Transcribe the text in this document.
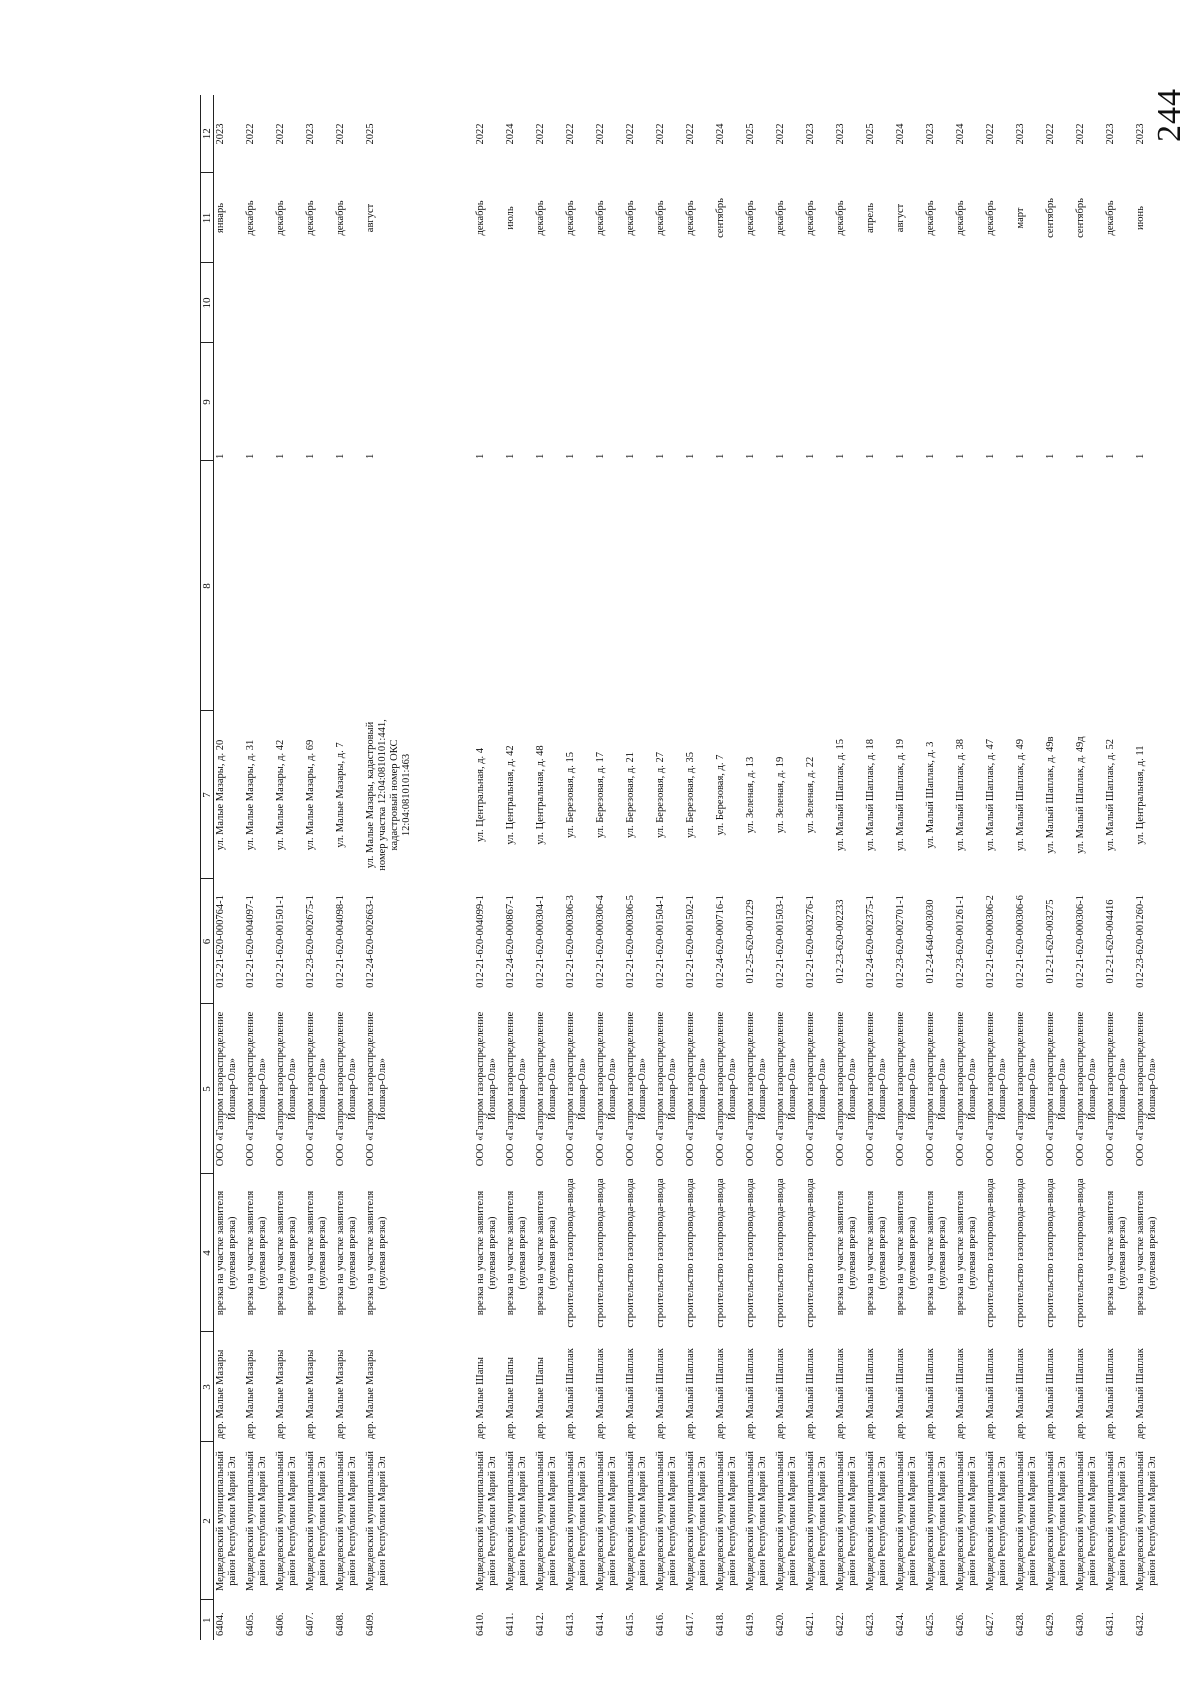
244
1	2	3	4	5	6	7	8	9	10	11	12
6404.	Медведевский муниципальный район Республики Марий Эл	дер. Малые Мазары	врезка на участке заявителя (нулевая врезка)	ООО «Газпром газораспределение Йошкар-Ола»	012-21-620-000764-1	ул. Малые Мазары, д. 20		1		январь	2023
6405.	Медведевский муниципальный район Республики Марий Эл	дер. Малые Мазары	врезка на участке заявителя (нулевая врезка)	ООО «Газпром газораспределение Йошкар-Ола»	012-21-620-004097-1	ул. Малые Мазары, д. 31		1		декабрь	2022
6406.	Медведевский муниципальный район Республики Марий Эл	дер. Малые Мазары	врезка на участке заявителя (нулевая врезка)	ООО «Газпром газораспределение Йошкар-Ола»	012-21-620-001501-1	ул. Малые Мазары, д. 42		1		декабрь	2022
6407.	Медведевский муниципальный район Республики Марий Эл	дер. Малые Мазары	врезка на участке заявителя (нулевая врезка)	ООО «Газпром газораспределение Йошкар-Ола»	012-23-620-002675-1	ул. Малые Мазары, д. 69		1		декабрь	2023
6408.	Медведевский муниципальный район Республики Марий Эл	дер. Малые Мазары	врезка на участке заявителя (нулевая врезка)	ООО «Газпром газораспределение Йошкар-Ола»	012-21-620-004098-1	ул. Малые Мазары, д. 7		1		декабрь	2022
6409.	Медведевский муниципальный район Республики Марий Эл	дер. Малые Мазары	врезка на участке заявителя (нулевая врезка)	ООО «Газпром газораспределение Йошкар-Ола»	012-24-620-002663-1	ул. Малые Мазары, кадастровый номер участка 12:04:0810101:441, кадастровый номер ОКС 12:04:0810101:463		1		август	2025
6410.	Медведевский муниципальный район Республики Марий Эл	дер. Малые Шапы	врезка на участке заявителя (нулевая врезка)	ООО «Газпром газораспределение Йошкар-Ола»	012-21-620-004099-1	ул. Центральная, д. 4		1		декабрь	2022
6411.	Медведевский муниципальный район Республики Марий Эл	дер. Малые Шапы	врезка на участке заявителя (нулевая врезка)	ООО «Газпром газораспределение Йошкар-Ола»	012-24-620-000867-1	ул. Центральная, д. 42		1		июль	2024
6412.	Медведевский муниципальный район Республики Марий Эл	дер. Малые Шапы	врезка на участке заявителя (нулевая врезка)	ООО «Газпром газораспределение Йошкар-Ола»	012-21-620-000304-1	ул. Центральная, д. 48		1		декабрь	2022
6413.	Медведевский муниципальный район Республики Марий Эл	дер. Малый Шаплак	строительство газопровода-ввода	ООО «Газпром газораспределение Йошкар-Ола»	012-21-620-000306-3	ул. Березовая, д. 15		1		декабрь	2022
6414.	Медведевский муниципальный район Республики Марий Эл	дер. Малый Шаплак	строительство газопровода-ввода	ООО «Газпром газораспределение Йошкар-Ола»	012-21-620-000306-4	ул. Березовая, д. 17		1		декабрь	2022
6415.	Медведевский муниципальный район Республики Марий Эл	дер. Малый Шаплак	строительство газопровода-ввода	ООО «Газпром газораспределение Йошкар-Ола»	012-21-620-000306-5	ул. Березовая, д. 21		1		декабрь	2022
6416.	Медведевский муниципальный район Республики Марий Эл	дер. Малый Шаплак	строительство газопровода-ввода	ООО «Газпром газораспределение Йошкар-Ола»	012-21-620-001504-1	ул. Березовая, д. 27		1		декабрь	2022
6417.	Медведевский муниципальный район Республики Марий Эл	дер. Малый Шаплак	строительство газопровода-ввода	ООО «Газпром газораспределение Йошкар-Ола»	012-21-620-001502-1	ул. Березовая, д. 35		1		декабрь	2022
6418.	Медведевский муниципальный район Республики Марий Эл	дер. Малый Шаплак	строительство газопровода-ввода	ООО «Газпром газораспределение Йошкар-Ола»	012-24-620-000716-1	ул. Березовая, д. 7		1		сентябрь	2024
6419.	Медведевский муниципальный район Республики Марий Эл	дер. Малый Шаплак	строительство газопровода-ввода	ООО «Газпром газораспределение Йошкар-Ола»	012-25-620-001229	ул. Зеленая, д. 13		1		декабрь	2025
6420.	Медведевский муниципальный район Республики Марий Эл	дер. Малый Шаплак	строительство газопровода-ввода	ООО «Газпром газораспределение Йошкар-Ола»	012-21-620-001503-1	ул. Зеленая, д. 19		1		декабрь	2022
6421.	Медведевский муниципальный район Республики Марий Эл	дер. Малый Шаплак	строительство газопровода-ввода	ООО «Газпром газораспределение Йошкар-Ола»	012-21-620-003276-1	ул. Зеленая, д. 22		1		декабрь	2023
6422.	Медведевский муниципальный район Республики Марий Эл	дер. Малый Шаплак	врезка на участке заявителя (нулевая врезка)	ООО «Газпром газораспределение Йошкар-Ола»	012-23-620-002233	ул. Малый Шаплак, д. 15		1		декабрь	2023
6423.	Медведевский муниципальный район Республики Марий Эл	дер. Малый Шаплак	врезка на участке заявителя (нулевая врезка)	ООО «Газпром газораспределение Йошкар-Ола»	012-24-620-002375-1	ул. Малый Шаплак, д. 18		1		апрель	2025
6424.	Медведевский муниципальный район Республики Марий Эл	дер. Малый Шаплак	врезка на участке заявителя (нулевая врезка)	ООО «Газпром газораспределение Йошкар-Ола»	012-23-620-002701-1	ул. Малый Шаплак, д. 19		1		август	2024
6425.	Медведевский муниципальный район Республики Марий Эл	дер. Малый Шаплак	врезка на участке заявителя (нулевая врезка)	ООО «Газпром газораспределение Йошкар-Ола»	012-24-640-003030	ул. Малый Шаплак, д. 3		1		декабрь	2023
6426.	Медведевский муниципальный район Республики Марий Эл	дер. Малый Шаплак	врезка на участке заявителя (нулевая врезка)	ООО «Газпром газораспределение Йошкар-Ола»	012-23-620-001261-1	ул. Малый Шаплак, д. 38		1		декабрь	2024
6427.	Медведевский муниципальный район Республики Марий Эл	дер. Малый Шаплак	строительство газопровода-ввода	ООО «Газпром газораспределение Йошкар-Ола»	012-21-620-000306-2	ул. Малый Шаплак, д. 47		1		декабрь	2022
6428.	Медведевский муниципальный район Республики Марий Эл	дер. Малый Шаплак	строительство газопровода-ввода	ООО «Газпром газораспределение Йошкар-Ола»	012-21-620-000306-6	ул. Малый Шаплак, д. 49		1		март	2023
6429.	Медведевский муниципальный район Республики Марий Эл	дер. Малый Шаплак	строительство газопровода-ввода	ООО «Газпром газораспределение Йошкар-Ола»	012-21-620-003275	ул. Малый Шаплак, д. 49в		1		сентябрь	2022
6430.	Медведевский муниципальный район Республики Марий Эл	дер. Малый Шаплак	строительство газопровода-ввода	ООО «Газпром газораспределение Йошкар-Ола»	012-21-620-000306-1	ул. Малый Шаплак, д. 49д		1		сентябрь	2022
6431.	Медведевский муниципальный район Республики Марий Эл	дер. Малый Шаплак	врезка на участке заявителя (нулевая врезка)	ООО «Газпром газораспределение Йошкар-Ола»	012-21-620-004416	ул. Малый Шаплак, д. 52		1		декабрь	2023
6432.	Медведевский муниципальный район Республики Марий Эл	дер. Малый Шаплак	врезка на участке заявителя (нулевая врезка)	ООО «Газпром газораспределение Йошкар-Ола»	012-23-620-001260-1	ул. Центральная, д. 11		1		июнь	2023
